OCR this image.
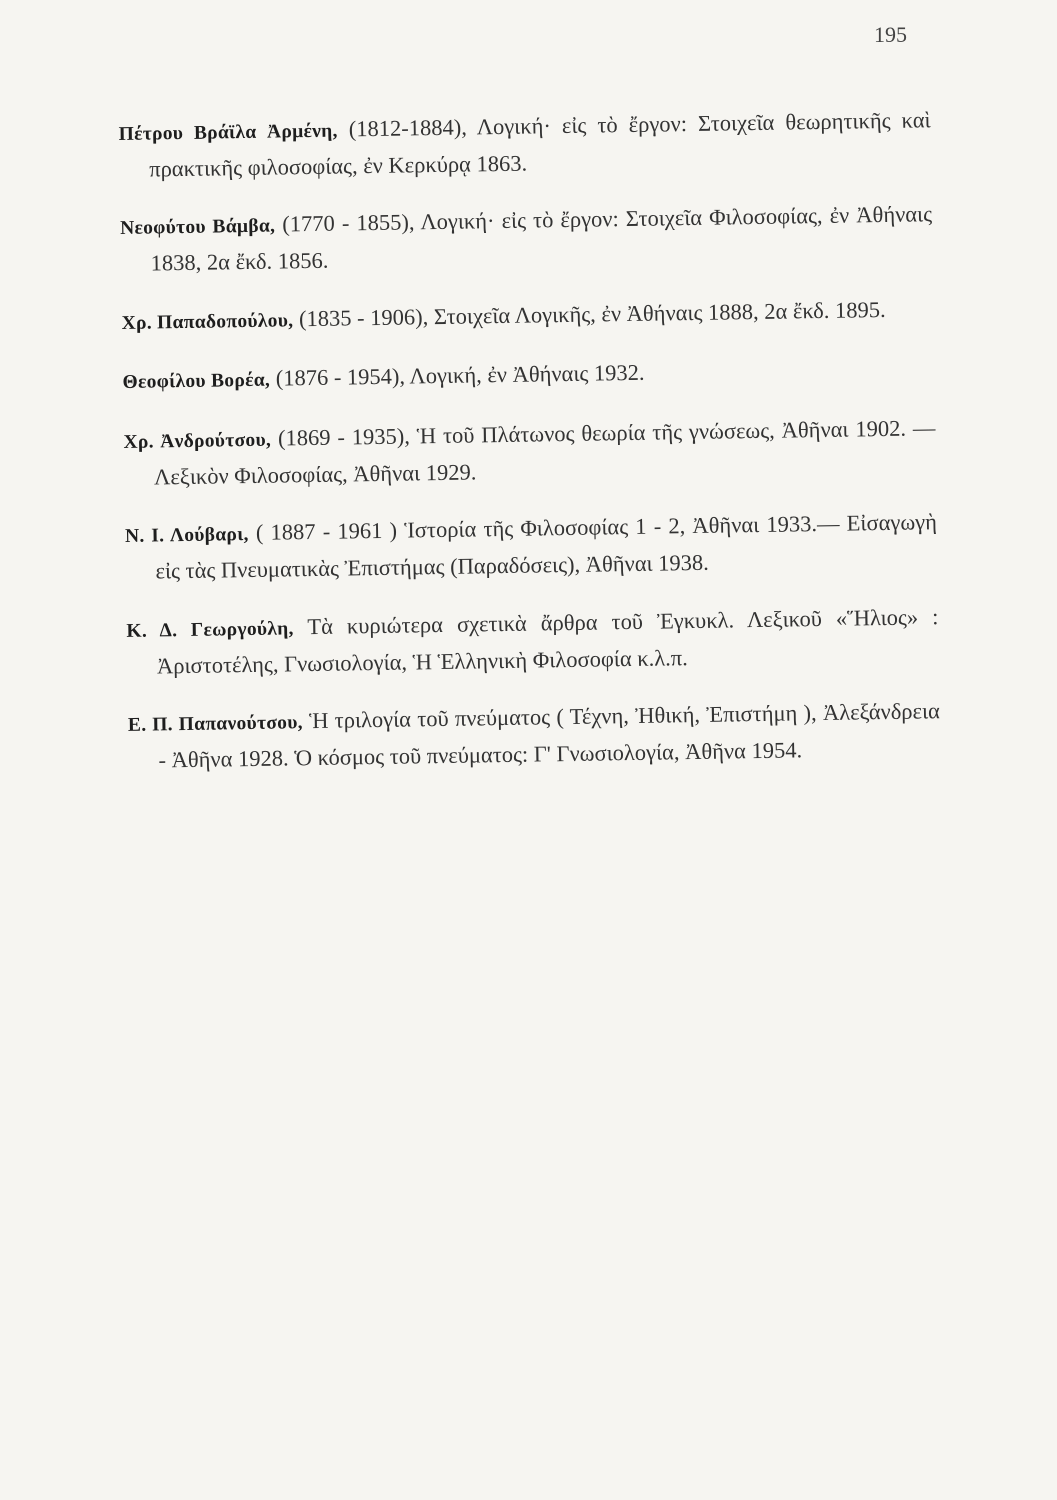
195

Πέτρου Βράϊλα Ἀρμένη, (1812-1884), Λογική· εἰς τὸ ἔργον: Στοιχεῖα θεωρητικῆς καὶ πρακτικῆς φιλοσοφίας, ἐν Κερκύρᾳ 1863.

Νεοφύτου Βάμβα, (1770 - 1855), Λογική· εἰς τὸ ἔργον: Στοιχεῖα Φιλοσοφίας, ἐν Ἀθήναις 1838, 2α ἔκδ. 1856.

Χρ. Παπαδοπούλου, (1835 - 1906), Στοιχεῖα Λογικῆς, ἐν Ἀθήναις 1888, 2α ἔκδ. 1895.

Θεοφίλου Βορέα, (1876 - 1954), Λογική, ἐν Ἀθήναις 1932.

Χρ. Ἀνδρούτσου, (1869 - 1935), Ἡ τοῦ Πλάτωνος θεωρία τῆς γνώσεως, Ἀθῆναι 1902. — Λεξικὸν Φιλοσοφίας, Ἀθῆναι 1929.

Ν. Ι. Λούβαρι, ( 1887 - 1961 ) Ἱστορία τῆς Φιλοσοφίας 1 - 2, Ἀθῆναι 1933.— Εἰσαγωγὴ εἰς τὰς Πνευματικὰς Ἐπιστήμας (Παραδόσεις), Ἀθῆναι 1938.

Κ. Δ. Γεωργούλη, Τὰ κυριώτερα σχετικὰ ἄρθρα τοῦ Ἐγκυκλ. Λεξικοῦ «Ἥλιος» : Ἀριστοτέλης, Γνωσιολογία, Ἡ Ἑλληνικὴ Φιλοσοφία κ.λ.π.

Ε. Π. Παπανούτσου, Ἡ τριλογία τοῦ πνεύματος ( Τέχνη, Ἠθική, Ἐπιστήμη ), Ἀλεξάνδρεια - Ἀθῆνα 1928. Ὁ κόσμος τοῦ πνεύματος: Γ' Γνωσιολογία, Ἀθῆνα 1954.
